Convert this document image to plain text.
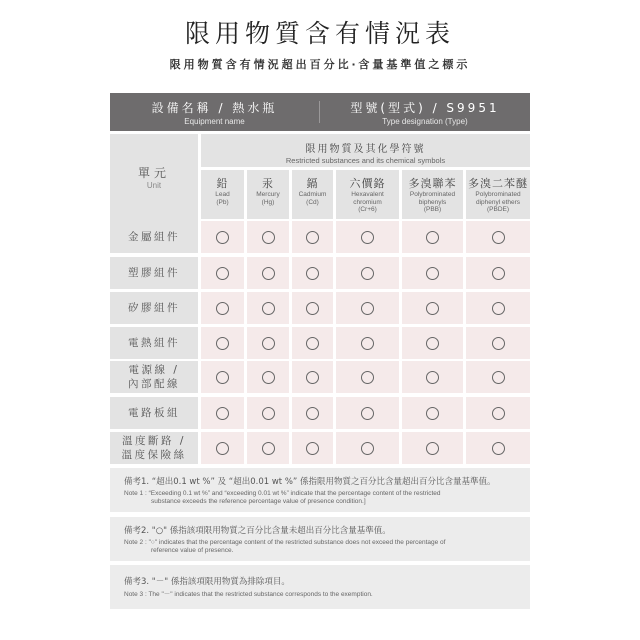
限用物質含有情況表
限用物質含有情況超出百分比‧含量基準值之標示
設備名稱 / 熱水瓶
Equipment name
型號(型式) / S9951
Type designation (Type)
單元
Unit
限用物質及其化學符號
Restricted substances and its chemical symbols
鉛
Lead
(Pb)
汞
Mercury
(Hg)
鎘
Cadmium
(Cd)
六價鉻
Hexavalent
chromium
(Cr+6)
多溴聯苯
Polybrominated
biphenyls
(PBB)
多溴二苯醚
Polybrominated
diphenyl ethers
(PBDE)
金屬組件
塑膠組件
矽膠組件
電熱組件
電源線 /
內部配線
電路板組
溫度斷路 /
溫度保險絲
備考1. “超出0.1 wt %” 及 “超出0.01 wt %” 係指限用物質之百分比含量超出百分比含量基準值。
Note 1 : “Exceeding 0.1 wt %” and “exceeding 0.01 wt %” indicate that the percentage content of the restricted
substance exceeds the reference percentage value of presence condition.]
備考2. "○" 係指該項限用物質之百分比含量未超出百分比含量基準值。
Note 2 : "○" indicates that the percentage content of the restricted substance does not exceed the percentage of
reference value of presence.
備考3. "－" 係指該項限用物質為排除項目。
Note 3 : The "－" indicates that the restricted substance corresponds to the exemption.
